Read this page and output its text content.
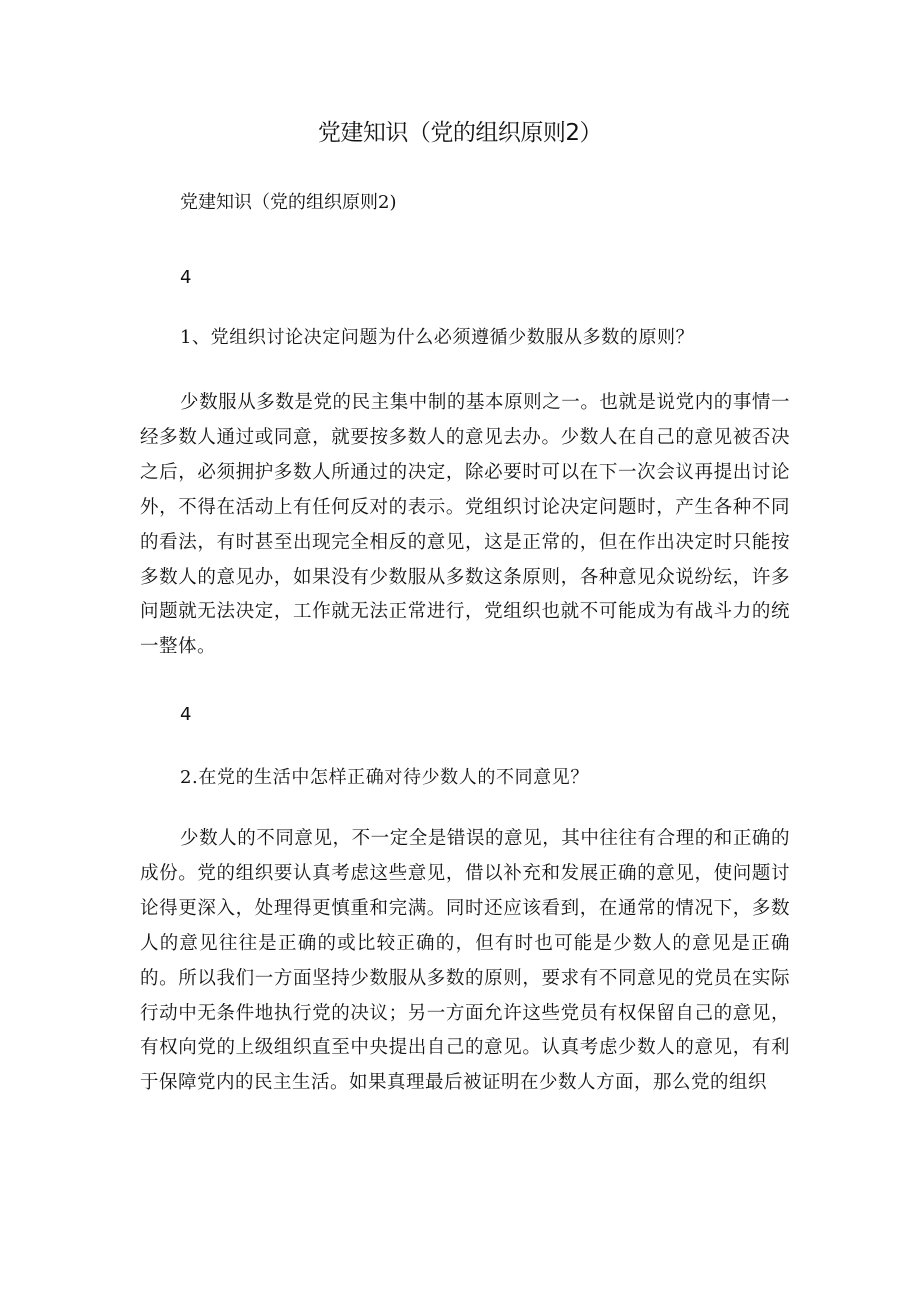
党建知识（党的组织原则2）

党建知识（党的组织原则2)

4

1、党组织讨论决定问题为什么必须遵循少数服从多数的原则？

少数服从多数是党的民主集中制的基本原则之一。也就是说党内的事情一经多数人通过或同意，就要按多数人的意见去办。少数人在自己的意见被否决之后，必须拥护多数人所通过的决定，除必要时可以在下一次会议再提出讨论外，不得在活动上有任何反对的表示。党组织讨论决定问题时，产生各种不同的看法，有时甚至出现完全相反的意见，这是正常的，但在作出决定时只能按多数人的意见办，如果没有少数服从多数这条原则，各种意见众说纷纭，许多问题就无法决定，工作就无法正常进行，党组织也就不可能成为有战斗力的统一整体。

4

2.在党的生活中怎样正确对待少数人的不同意见？

少数人的不同意见，不一定全是错误的意见，其中往往有合理的和正确的成份。党的组织要认真考虑这些意见，借以补充和发展正确的意见，使问题讨论得更深入，处理得更慎重和完满。同时还应该看到，在通常的情况下，多数人的意见往往是正确的或比较正确的，但有时也可能是少数人的意见是正确的。所以我们一方面坚持少数服从多数的原则，要求有不同意见的党员在实际行动中无条件地执行党的决议；另一方面允许这些党员有权保留自己的意见，有权向党的上级组织直至中央提出自己的意见。认真考虑少数人的意见，有利于保障党内的民主生活。如果真理最后被证明在少数人方面，那么党的组织
